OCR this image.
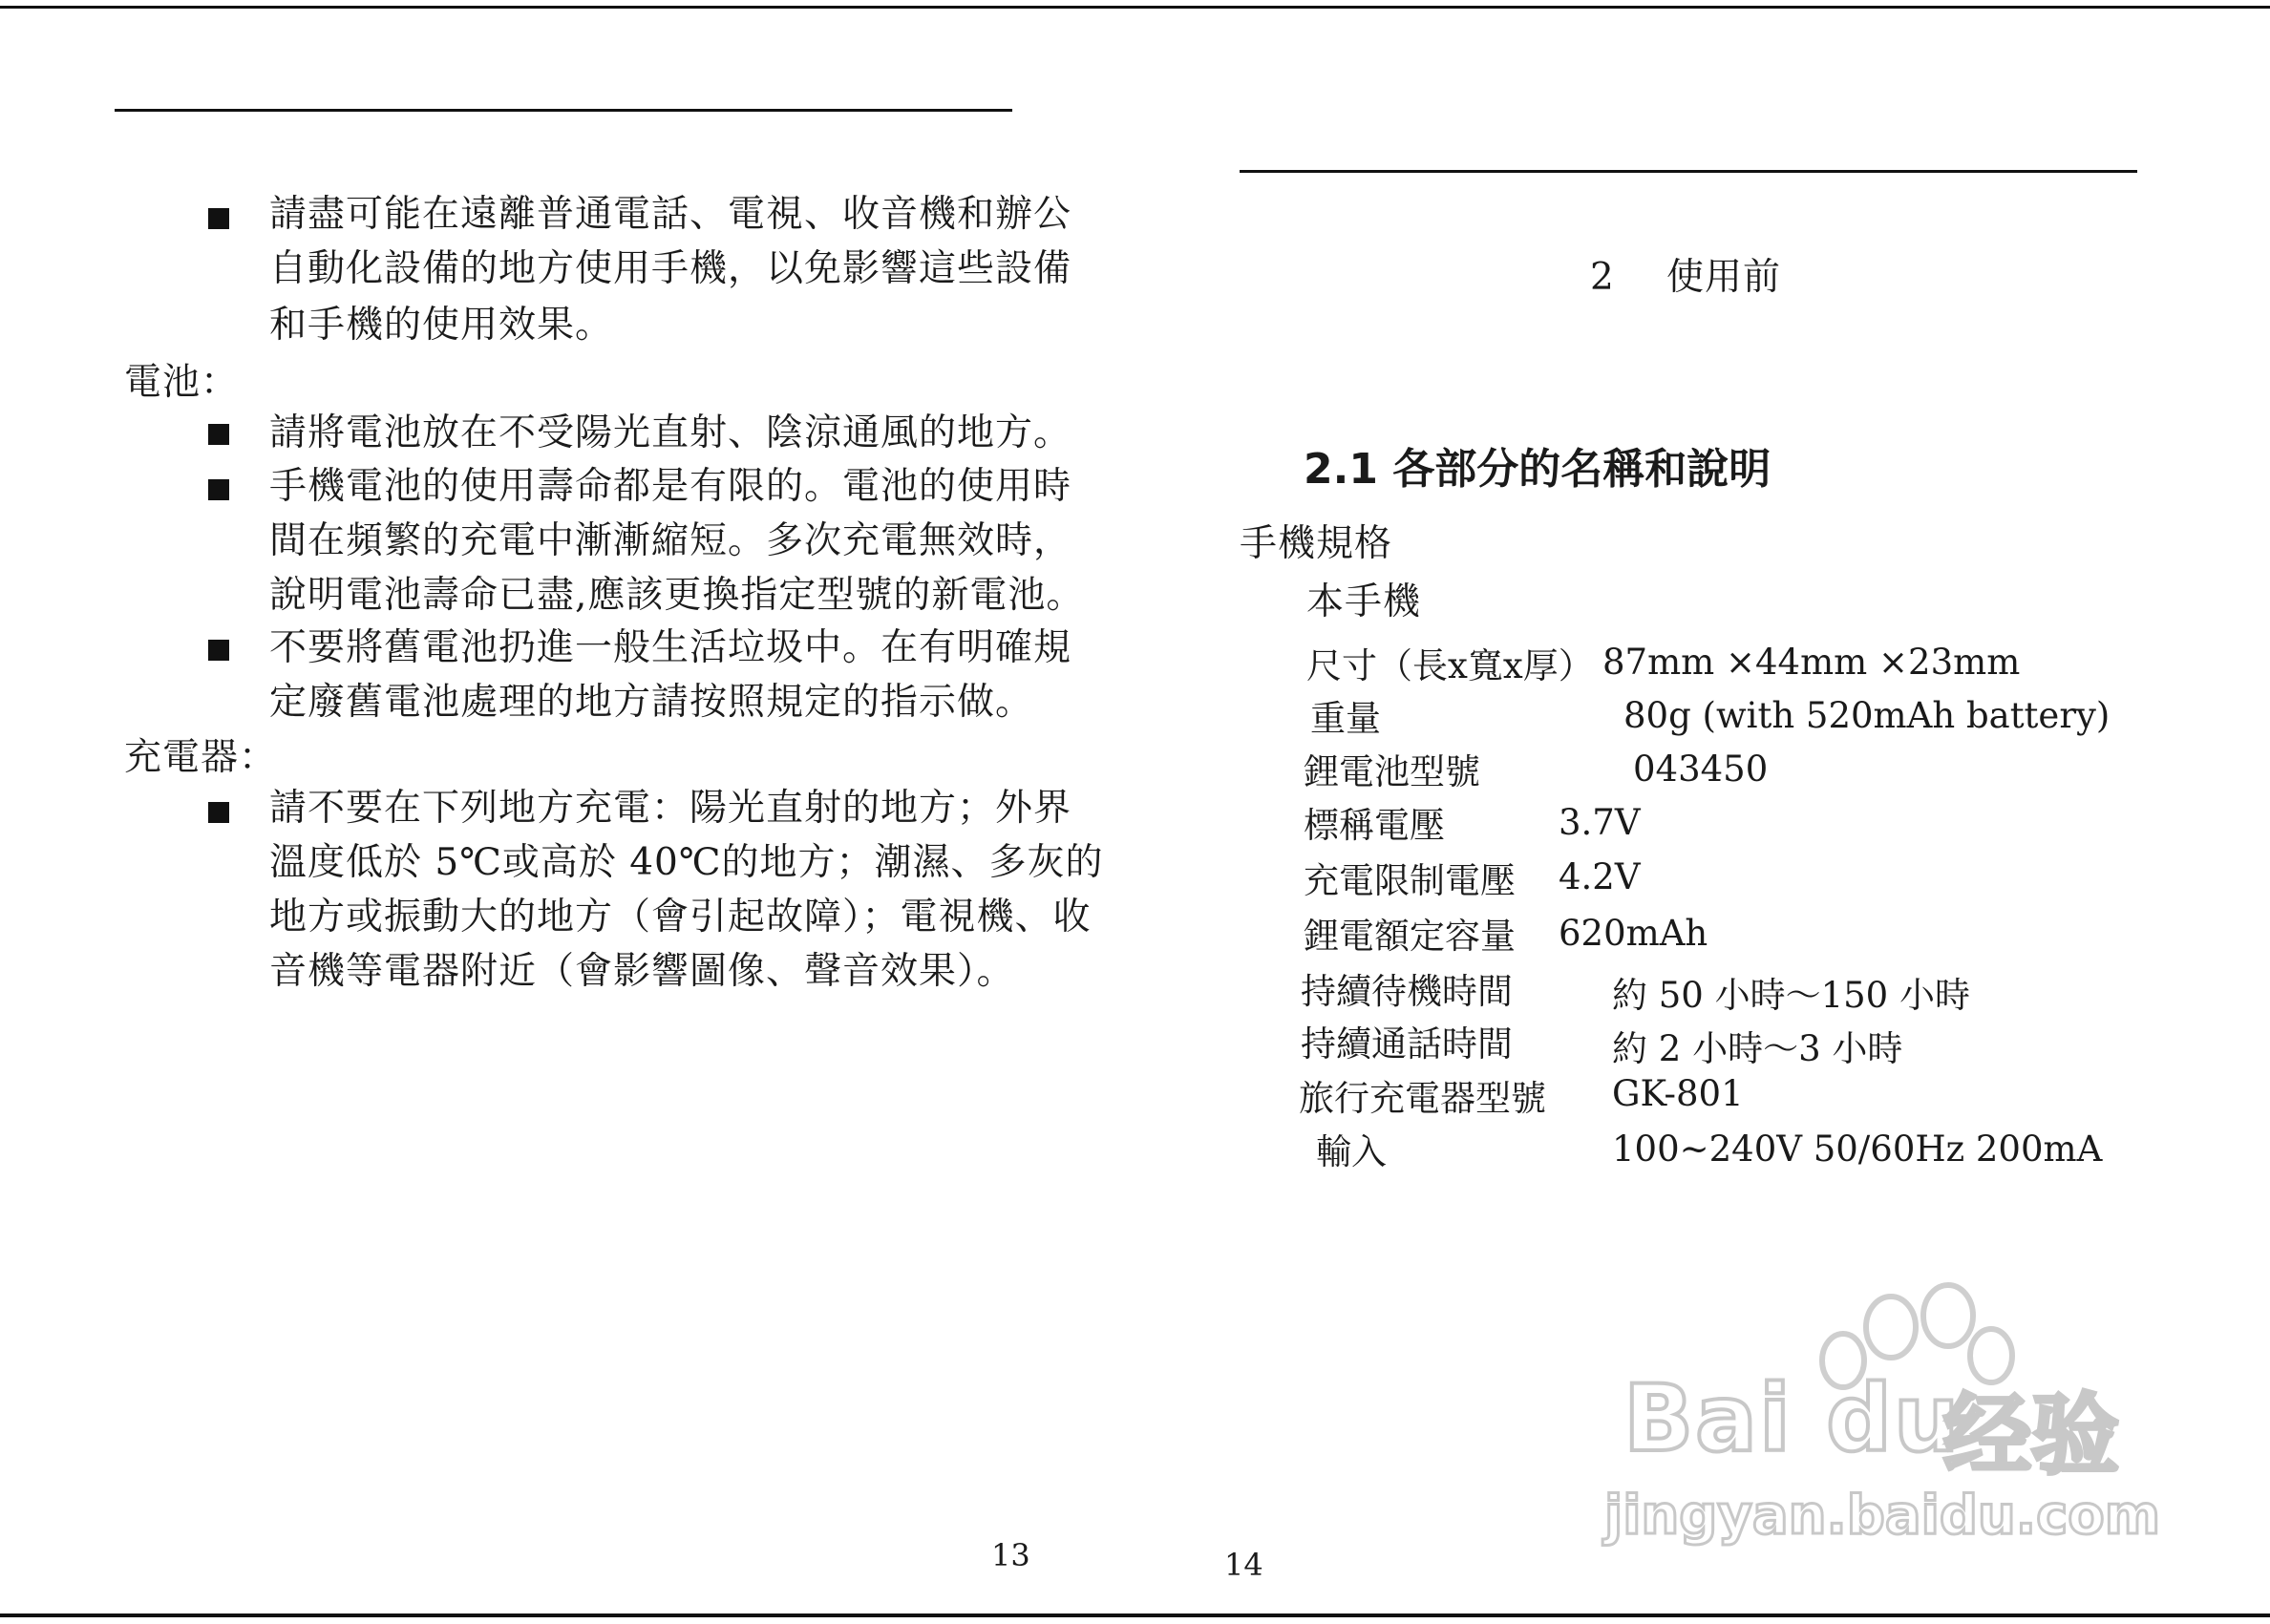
請盡可能在遠離普通電話、電視、收音機和辦公
自動化設備的地方使用手機，以免影響這些設備
和手機的使用效果。
電池：
請將電池放在不受陽光直射、陰涼通風的地方。
手機電池的使用壽命都是有限的。電池的使用時
間在頻繁的充電中漸漸縮短。多次充電無效時，
說明電池壽命已盡,應該更換指定型號的新電池。
不要將舊電池扔進一般生活垃圾中。在有明確規
定廢舊電池處理的地方請按照規定的指示做。
充電器：
請不要在下列地方充電：陽光直射的地方；外界
溫度低於 5℃或高於 40℃的地方；潮濕、多灰的
地方或振動大的地方（會引起故障）；電視機、收
音機等電器附近（會影響圖像、聲音效果）。
13
2 使用前
2.1 各部分的名稱和說明
手機規格
本手機
尺寸（長x寬x厚） 87mm ×44mm ×23mm
重量	80g (with 520mAh battery)
鋰電池型號	043450
標稱電壓	3.7V
充電限制電壓 4.2V
鋰電額定容量 620mAh
持續待機時間	約 50 小時～150 小時
持續通話時間	約 2 小時～3 小時
旅行充電器型號 GK-801
輸入	100~240V 50/60Hz 200mA
14
Bai du
经验
jingyan.baidu.com
